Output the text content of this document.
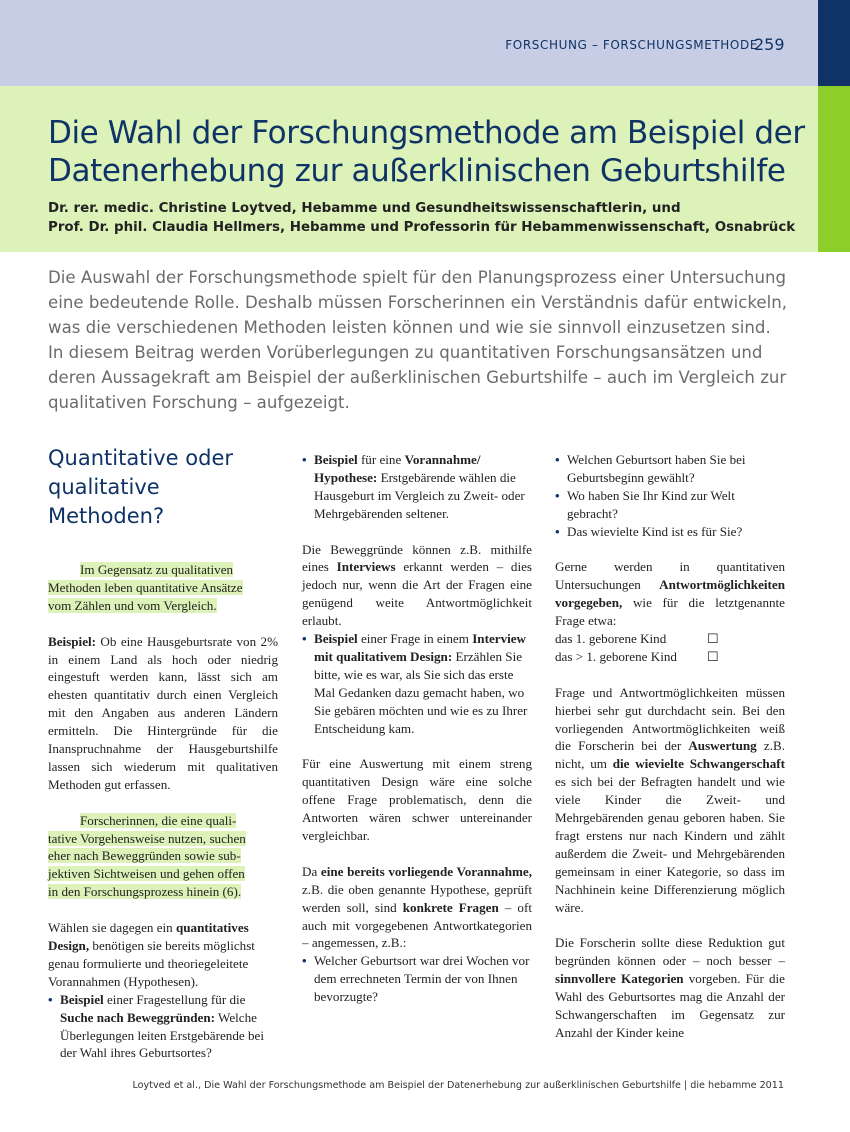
FORSCHUNG – FORSCHUNGSMETHODE
259
Die Wahl der Forschungsmethode am Beispiel der
Datenerhebung zur außerklinischen Geburtshilfe
Dr. rer. medic. Christine Loytved, Hebamme und Gesundheitswissenschaftlerin, und
Prof. Dr. phil. Claudia Hellmers, Hebamme und Professorin für Hebammenwissenschaft, Osnabrück
Die Auswahl der Forschungsmethode spielt für den Planungsprozess einer Untersuchung
eine bedeutende Rolle. Deshalb müssen Forscherinnen ein Verständnis dafür entwickeln,
was die verschiedenen Methoden leisten können und wie sie sinnvoll einzusetzen sind.
In diesem Beitrag werden Vorüberlegungen zu quantitativen Forschungsansätzen und
deren Aussagekraft am Beispiel der außerklinischen Geburtshilfe – auch im Vergleich zur
qualitativen Forschung – aufgezeigt.
Quantitative oder
qualitative Methoden?

Im Gegensatz zu qualitativen
Methoden leben quantitative Ansätze
vom Zählen und vom Vergleich.

Beispiel: Ob eine Hausgeburtsrate von 2% in einem Land als hoch oder niedrig eingestuft werden kann, lässt sich am ehesten quantitativ durch einen Vergleich mit den Angaben aus anderen Ländern ermitteln. Die Hintergründe für die Inanspruchnahme der Hausgeburtshilfe lassen sich wiederum mit qualitativen Methoden gut erfassen.

Forscherinnen, die eine quali-
tative Vorgehensweise nutzen, suchen
eher nach Beweggründen sowie sub-
jektiven Sichtweisen und gehen offen
in den Forschungsprozess hinein (6).

Wählen sie dagegen ein quantitatives Design, benötigen sie bereits möglichst genau formulierte und theoriegeleitete Vorannahmen (Hypothesen).

• Beispiel einer Fragestellung für die Suche nach Beweggründen: Welche Überlegungen leiten Erstgebärende bei der Wahl ihres Geburtsortes?
• Beispiel für eine Vorannahme/ Hypothese: Erstgebärende wählen die Hausgeburt im Vergleich zu Zweit- oder Mehrgebärenden seltener.

Die Beweggründe können z.B. mithilfe eines Interviews erkannt werden – dies jedoch nur, wenn die Art der Fragen eine genügend weite Antwortmöglichkeit erlaubt.

• Beispiel einer Frage in einem Interview mit qualitativem Design: Erzählen Sie bitte, wie es war, als Sie sich das erste Mal Gedanken dazu gemacht haben, wo Sie gebären möchten und wie es zu Ihrer Entscheidung kam.

Für eine Auswertung mit einem streng quantitativen Design wäre eine solche offene Frage problematisch, denn die Antworten wären schwer untereinander vergleichbar.

Da eine bereits vorliegende Vorannahme, z.B. die oben genannte Hypothese, geprüft werden soll, sind konkrete Fragen – oft auch mit vorgegebenen Antwortkategorien – angemessen, z.B.:

• Welcher Geburtsort war drei Wochen vor dem errechneten Termin der von Ihnen bevorzugte?
• Welchen Geburtsort haben Sie bei Geburtsbeginn gewählt?
• Wo haben Sie Ihr Kind zur Welt gebracht?
• Das wievielte Kind ist es für Sie?

Gerne werden in quantitativen Untersuchungen Antwortmöglichkeiten vorgegeben, wie für die letztgenannte Frage etwa:

das 1. geborene Kind	☐
das > 1. geborene Kind	☐

Frage und Antwortmöglichkeiten müssen hierbei sehr gut durchdacht sein. Bei den vorliegenden Antwortmöglichkeiten weiß die Forscherin bei der Auswertung z.B. nicht, um die wievielte Schwangerschaft es sich bei der Befragten handelt und wie viele Kinder die Zweit- und Mehrgebärenden genau geboren haben. Sie fragt erstens nur nach Kindern und zählt außerdem die Zweit- und Mehrgebärenden gemeinsam in einer Kategorie, so dass im Nachhinein keine Differenzierung möglich wäre.

Die Forscherin sollte diese Reduktion gut begründen können oder – noch besser – sinnvollere Kategorien vorgeben. Für die Wahl des Geburtsortes mag die Anzahl der Schwangerschaften im Gegensatz zur Anzahl der Kinder keine

Loytved et al., Die Wahl der Forschungsmethode am Beispiel der Datenerhebung zur außerklinischen Geburtshilfe | die hebamme 2011
